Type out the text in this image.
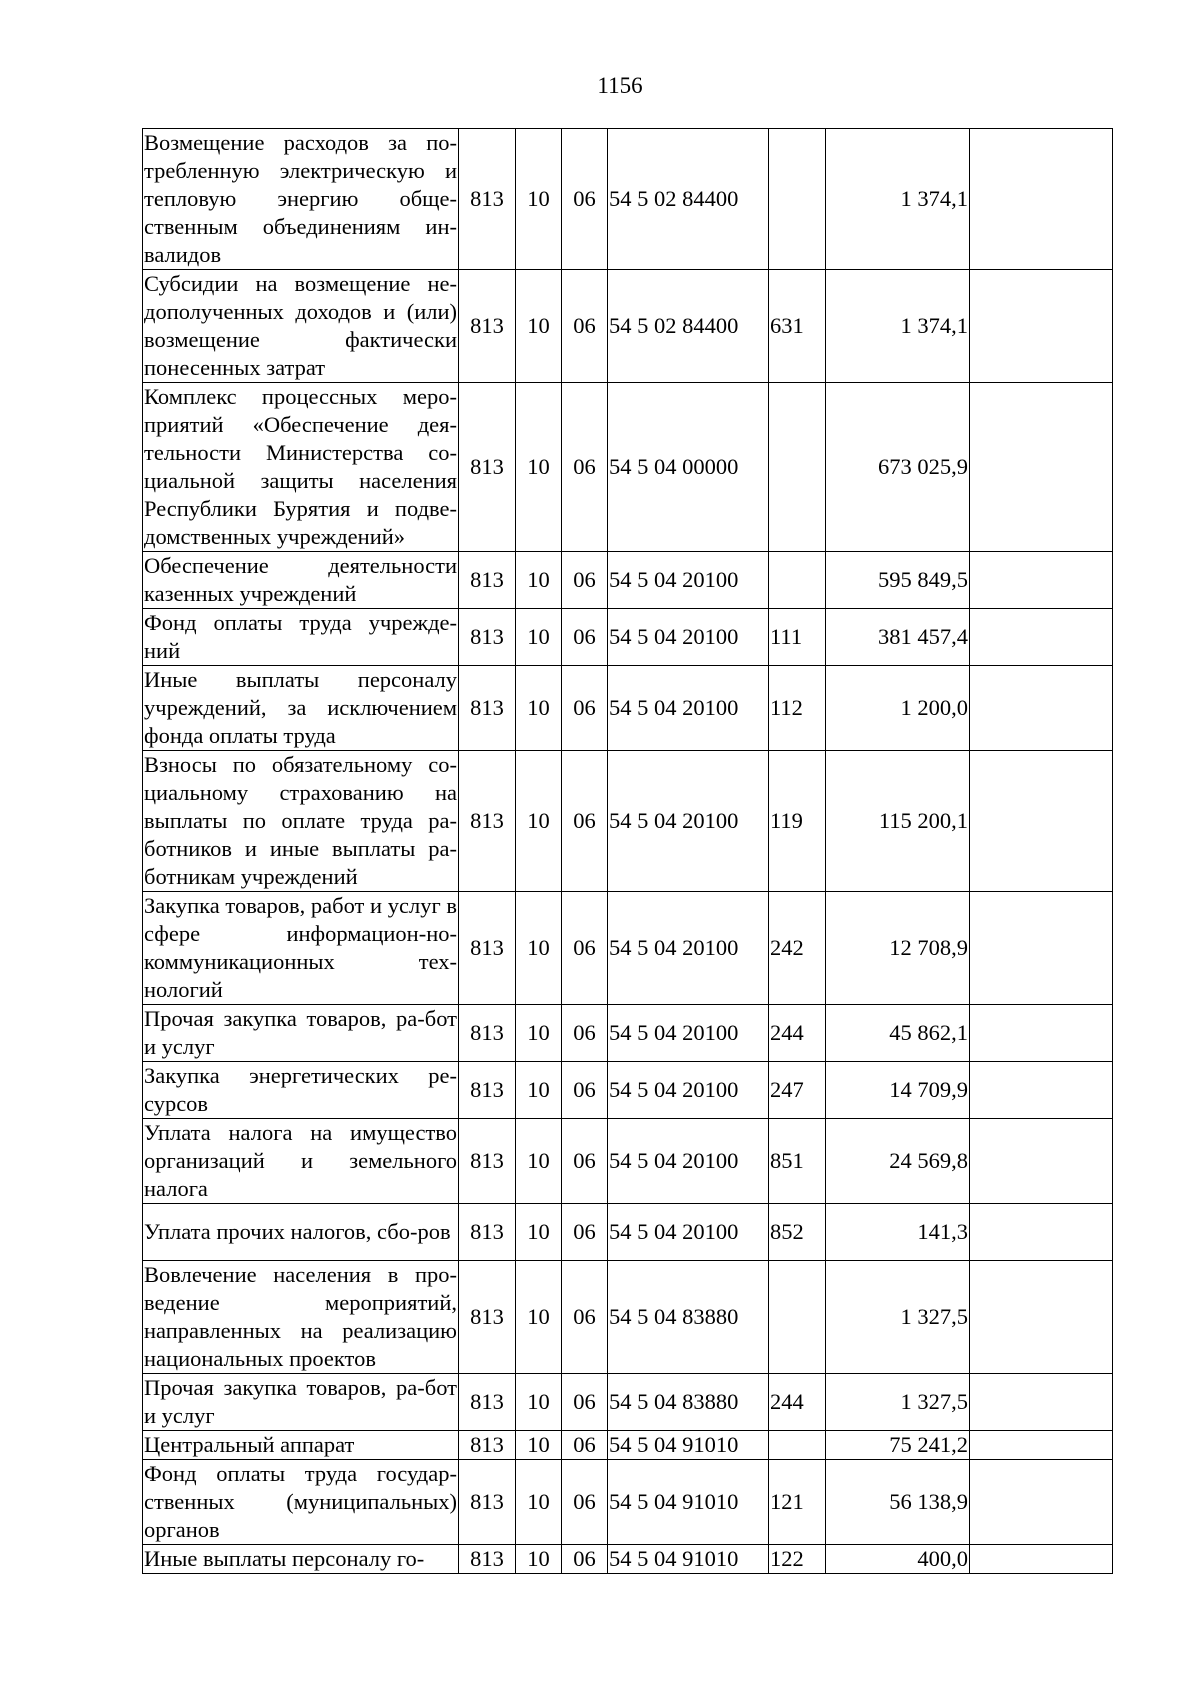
1156
Возмещение расходов за по-требленную электрическую и тепловую энергию обще-ственным объединениям ин-валидов	813	10	06	54 5 02 84400		1 374,1	
Субсидии на возмещение не-дополученных доходов и (или) возмещение фактически понесенных затрат	813	10	06	54 5 02 84400	631	1 374,1	
Комплекс процессных меро-приятий «Обеспечение дея-тельности Министерства со-циальной защиты населения Республики Бурятия и подве-домственных учреждений»	813	10	06	54 5 04 00000		673 025,9	
Обеспечение деятельности казенных учреждений	813	10	06	54 5 04 20100		595 849,5	
Фонд оплаты труда учрежде-ний	813	10	06	54 5 04 20100	111	381 457,4	
Иные выплаты персоналу учреждений, за исключением фонда оплаты труда	813	10	06	54 5 04 20100	112	1 200,0	
Взносы по обязательному со-циальному страхованию на выплаты по оплате труда ра-ботников и иные выплаты ра-ботникам учреждений	813	10	06	54 5 04 20100	119	115 200,1	
Закупка товаров, работ и услуг в сфере информацион-но-коммуникационных тех-нологий	813	10	06	54 5 04 20100	242	12 708,9	
Прочая закупка товаров, ра-бот и услуг	813	10	06	54 5 04 20100	244	45 862,1	
Закупка энергетических ре-сурсов	813	10	06	54 5 04 20100	247	14 709,9	
Уплата налога на имущество организаций и земельного налога	813	10	06	54 5 04 20100	851	24 569,8	
Уплата прочих налогов, сбо-ров	813	10	06	54 5 04 20100	852	141,3	
Вовлечение населения в про-ведение мероприятий, направленных на реализацию национальных проектов	813	10	06	54 5 04 83880		1 327,5	
Прочая закупка товаров, ра-бот и услуг	813	10	06	54 5 04 83880	244	1 327,5	
Центральный аппарат	813	10	06	54 5 04 91010		75 241,2	
Фонд оплаты труда государ-ственных (муниципальных) органов	813	10	06	54 5 04 91010	121	56 138,9	
Иные выплаты персоналу го-	813	10	06	54 5 04 91010	122	400,0	
